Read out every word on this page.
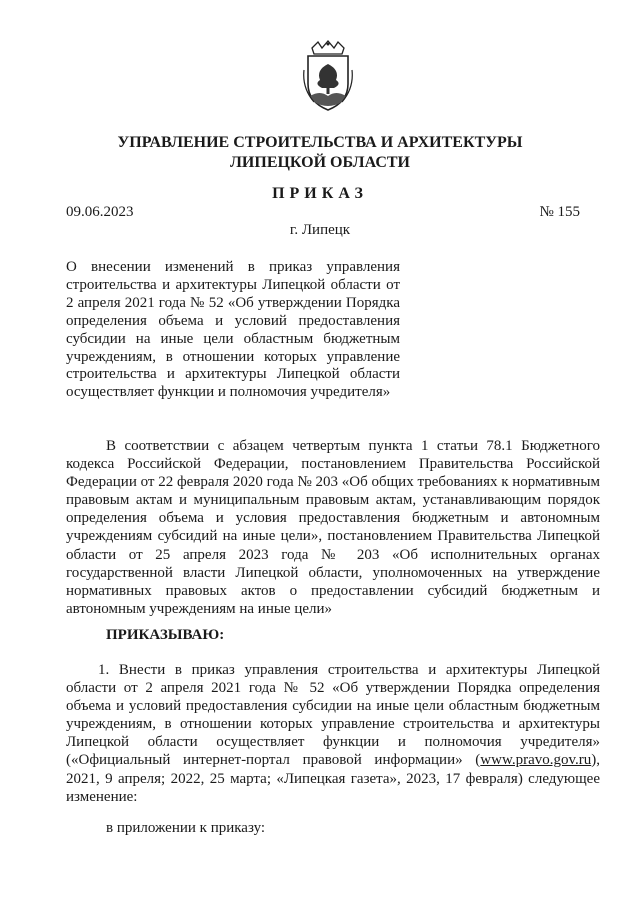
УПРАВЛЕНИЕ СТРОИТЕЛЬСТВА И АРХИТЕКТУРЫ
ЛИПЕЦКОЙ ОБЛАСТИ
ПРИКАЗ
09.06.2023	№ 155
г. Липецк
О внесении изменений в приказ управления строительства и архитектуры Липецкой области от 2 апреля 2021 года № 52 «Об утверждении Порядка определения объема и условий предоставления субсидии на иные цели областным бюджетным учреждениям, в отношении которых управление строительства и архитектуры Липецкой области осуществляет функции и полномочия учредителя»
В соответствии с абзацем четвертым пункта 1 статьи 78.1 Бюджетного кодекса Российской Федерации, постановлением Правительства Российской Федерации от 22 февраля 2020 года № 203 «Об общих требованиях к нормативным правовым актам и муниципальным правовым актам, устанавливающим порядок определения объема и условия предоставления бюджетным и автономным учреждениям субсидий на иные цели», постановлением Правительства Липецкой области от 25 апреля 2023 года № 203 «Об исполнительных органах государственной власти Липецкой области, уполномоченных на утверждение нормативных правовых актов о предоставлении субсидий бюджетным и автономным учреждениям на иные цели»
ПРИКАЗЫВАЮ:
1. Внести в приказ управления строительства и архитектуры Липецкой области от 2 апреля 2021 года № 52 «Об утверждении Порядка определения объема и условий предоставления субсидии на иные цели областным бюджетным учреждениям, в отношении которых управление строительства и архитектуры Липецкой области осуществляет функции и полномочия учредителя» («Официальный интернет-портал правовой информации» (www.pravo.gov.ru), 2021, 9 апреля; 2022, 25 марта; «Липецкая газета», 2023, 17 февраля) следующее изменение:
в приложении к приказу:
